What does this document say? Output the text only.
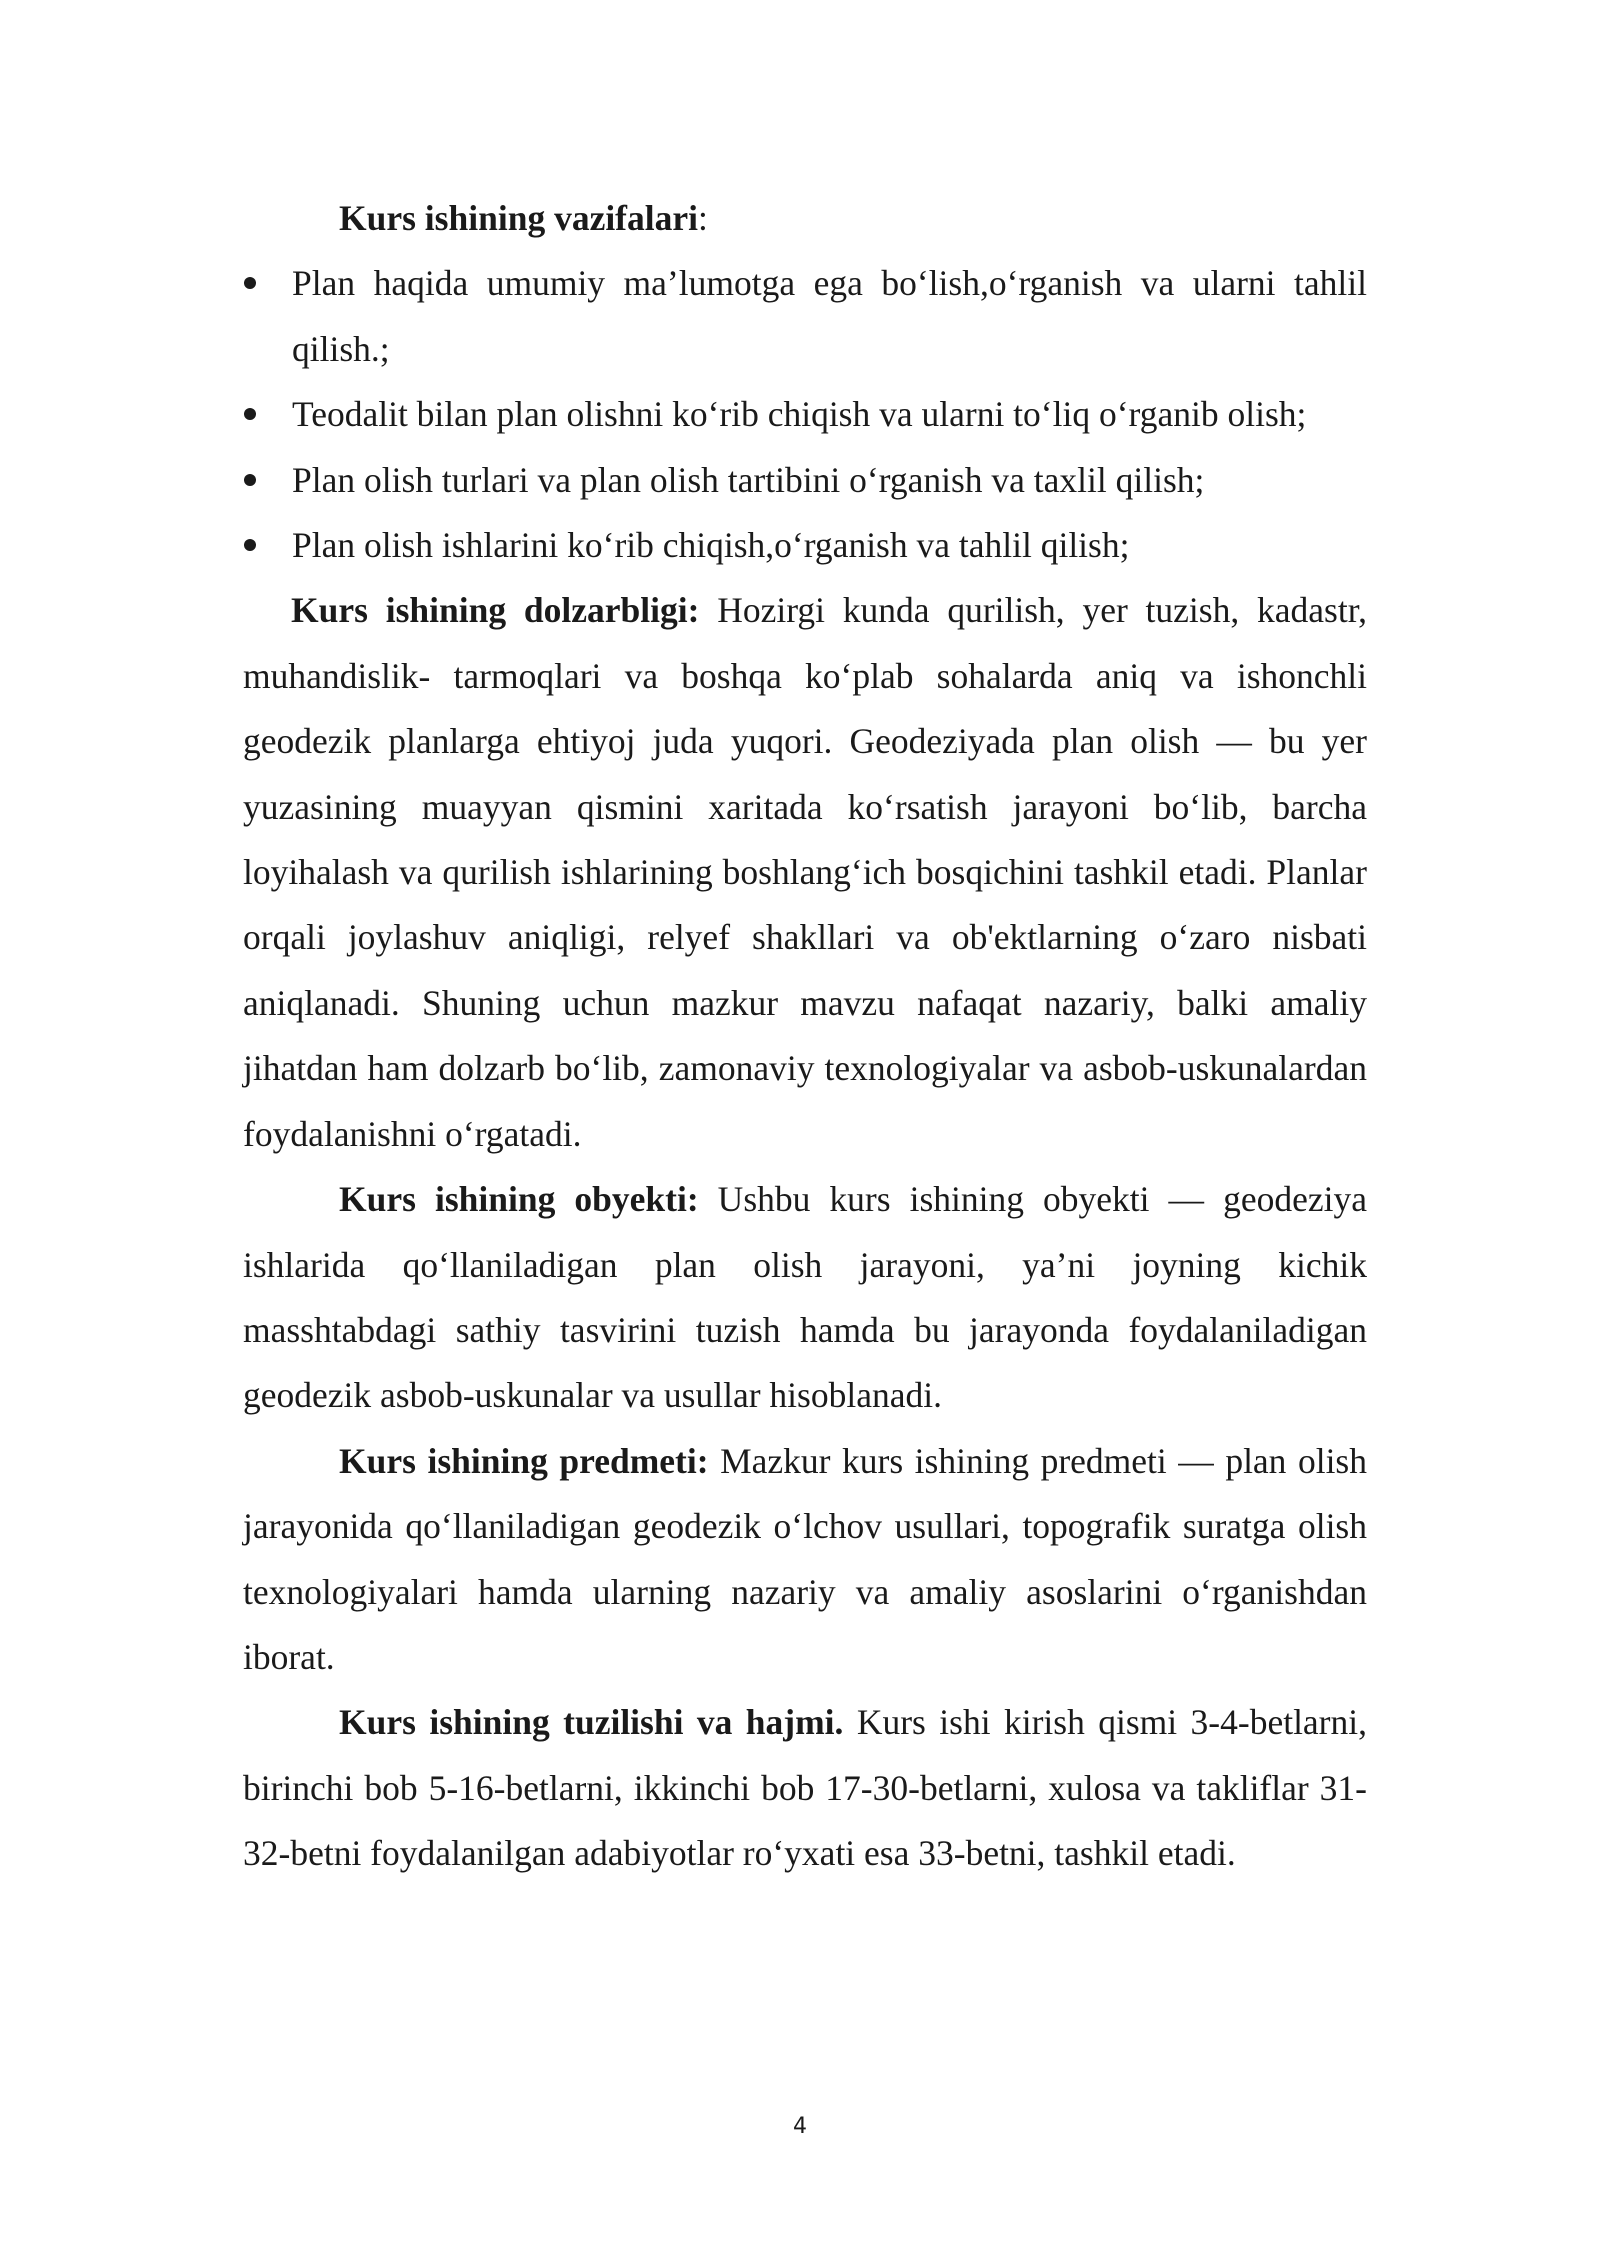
Kurs ishining vazifalari:

Plan haqida umumiy ma’lumotga ega bo‘lish,o‘rganish va ularni tahlil qilish.;
Teodalit bilan plan olishni ko‘rib chiqish va ularni to‘liq o‘rganib olish;
Plan olish turlari va plan olish tartibini o‘rganish va taxlil qilish;
Plan olish ishlarini ko‘rib chiqish,o‘rganish va tahlil qilish;

Kurs ishining dolzarbligi: Hozirgi kunda qurilish, yer tuzish, kadastr, muhandislik- tarmoqlari va boshqa ko‘plab sohalarda aniq va ishonchli geodezik planlarga ehtiyoj juda yuqori. Geodeziyada plan olish — bu yer yuzasining muayyan qismini xaritada ko‘rsatish jarayoni bo‘lib, barcha loyihalash va qurilish ishlarining boshlang‘ich bosqichini tashkil etadi. Planlar orqali joylashuv aniqligi, relyef shakllari va ob'ektlarning o‘zaro nisbati aniqlanadi. Shuning uchun mazkur mavzu nafaqat nazariy, balki amaliy jihatdan ham dolzarb bo‘lib, zamonaviy texnologiyalar va asbob-uskunalardan foydalanishni o‘rgatadi.

Kurs ishining obyekti: Ushbu kurs ishining obyekti — geodeziya ishlarida qo‘llaniladigan plan olish jarayoni, ya’ni joyning kichik masshtabdagi sathiy tasvirini tuzish hamda bu jarayonda foydalaniladigan geodezik asbob-uskunalar va usullar hisoblanadi.

Kurs ishining predmeti: Mazkur kurs ishining predmeti — plan olish jarayonida qo‘llaniladigan geodezik o‘lchov usullari, topografik suratga olish texnologiyalari hamda ularning nazariy va amaliy asoslarini o‘rganishdan iborat.

Kurs ishining tuzilishi va hajmi. Kurs ishi kirish qismi 3-4-betlarni, birinchi bob 5-16-betlarni, ikkinchi bob 17-30-betlarni, xulosa va takliflar 31-32-betni foydalanilgan adabiyotlar ro‘yxati esa 33-betni, tashkil etadi.

4
